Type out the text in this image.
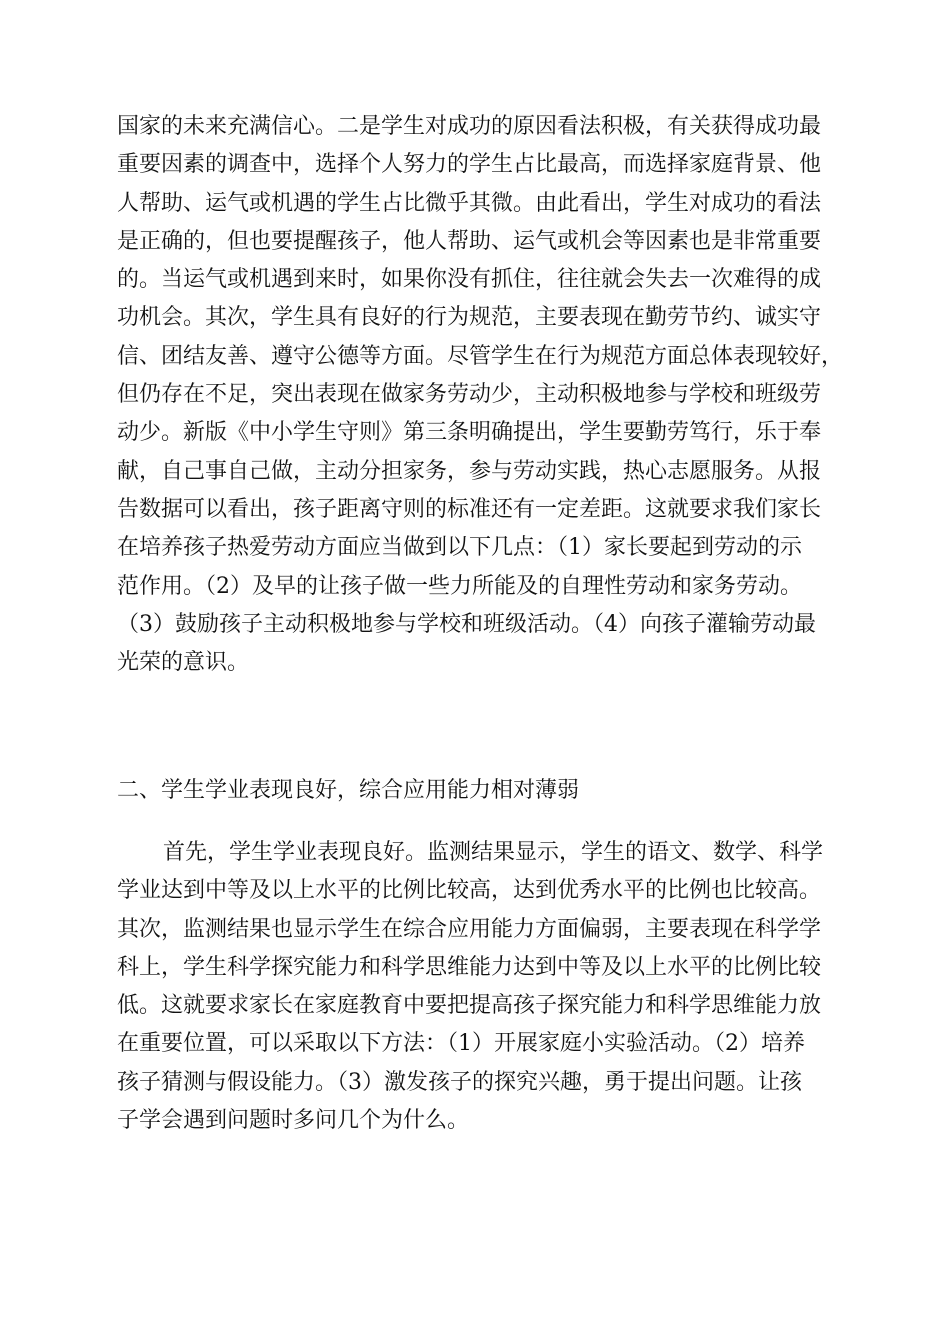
国家的未来充满信心。二是学生对成功的原因看法积极，有关获得成功最
重要因素的调查中，选择个人努力的学生占比最高，而选择家庭背景、他
人帮助、运气或机遇的学生占比微乎其微。由此看出，学生对成功的看法
是正确的，但也要提醒孩子，他人帮助、运气或机会等因素也是非常重要
的。当运气或机遇到来时，如果你没有抓住，往往就会失去一次难得的成
功机会。其次，学生具有良好的行为规范，主要表现在勤劳节约、诚实守
信、团结友善、遵守公德等方面。尽管学生在行为规范方面总体表现较好，
但仍存在不足，突出表现在做家务劳动少，主动积极地参与学校和班级劳
动少。新版《中小学生守则》第三条明确提出，学生要勤劳笃行，乐于奉
献，自己事自己做，主动分担家务，参与劳动实践，热心志愿服务。从报
告数据可以看出，孩子距离守则的标准还有一定差距。这就要求我们家长
在培养孩子热爱劳动方面应当做到以下几点：（1）家长要起到劳动的示
范作用。（2）及早的让孩子做一些力所能及的自理性劳动和家务劳动。
（3）鼓励孩子主动积极地参与学校和班级活动。（4）向孩子灌输劳动最
光荣的意识。
二、学生学业表现良好，综合应用能力相对薄弱
首先，学生学业表现良好。监测结果显示，学生的语文、数学、科学
学业达到中等及以上水平的比例比较高，达到优秀水平的比例也比较高。
其次，监测结果也显示学生在综合应用能力方面偏弱，主要表现在科学学
科上，学生科学探究能力和科学思维能力达到中等及以上水平的比例比较
低。这就要求家长在家庭教育中要把提高孩子探究能力和科学思维能力放
在重要位置，可以采取以下方法：（1）开展家庭小实验活动。（2）培养
孩子猜测与假设能力。（3）激发孩子的探究兴趣，勇于提出问题。让孩
子学会遇到问题时多问几个为什么。
